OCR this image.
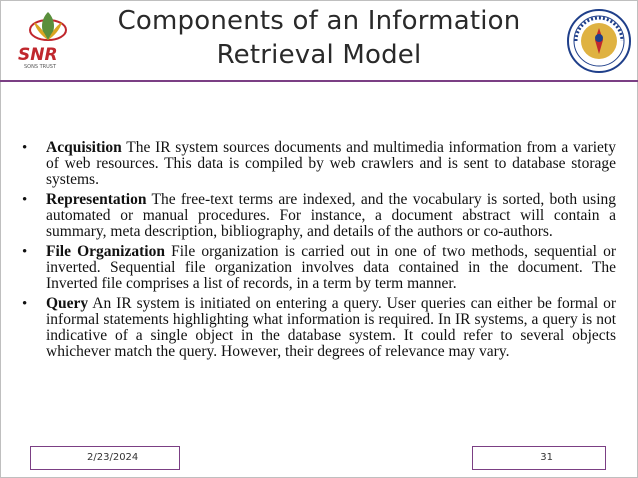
SNR
SONS TRUST
Components of an Information
Retrieval Model
• Acquisition The IR system sources documents and multimedia information from a variety of web resources. This data is compiled by web crawlers and is sent to database storage systems.
• Representation The free-text terms are indexed, and the vocabulary is sorted, both using automated or manual procedures. For instance, a document abstract will contain a summary, meta description, bibliography, and details of the authors or co-authors.
• File Organization File organization is carried out in one of two methods, sequential or inverted. Sequential file organization involves data contained in the document. The Inverted file comprises a list of records, in a term by term manner.
• Query An IR system is initiated on entering a query. User queries can either be formal or informal statements highlighting what information is required. In IR systems, a query is not indicative of a single object in the database system. It could refer to several objects whichever match the query. However, their degrees of relevance may vary.
2/23/2024	31
